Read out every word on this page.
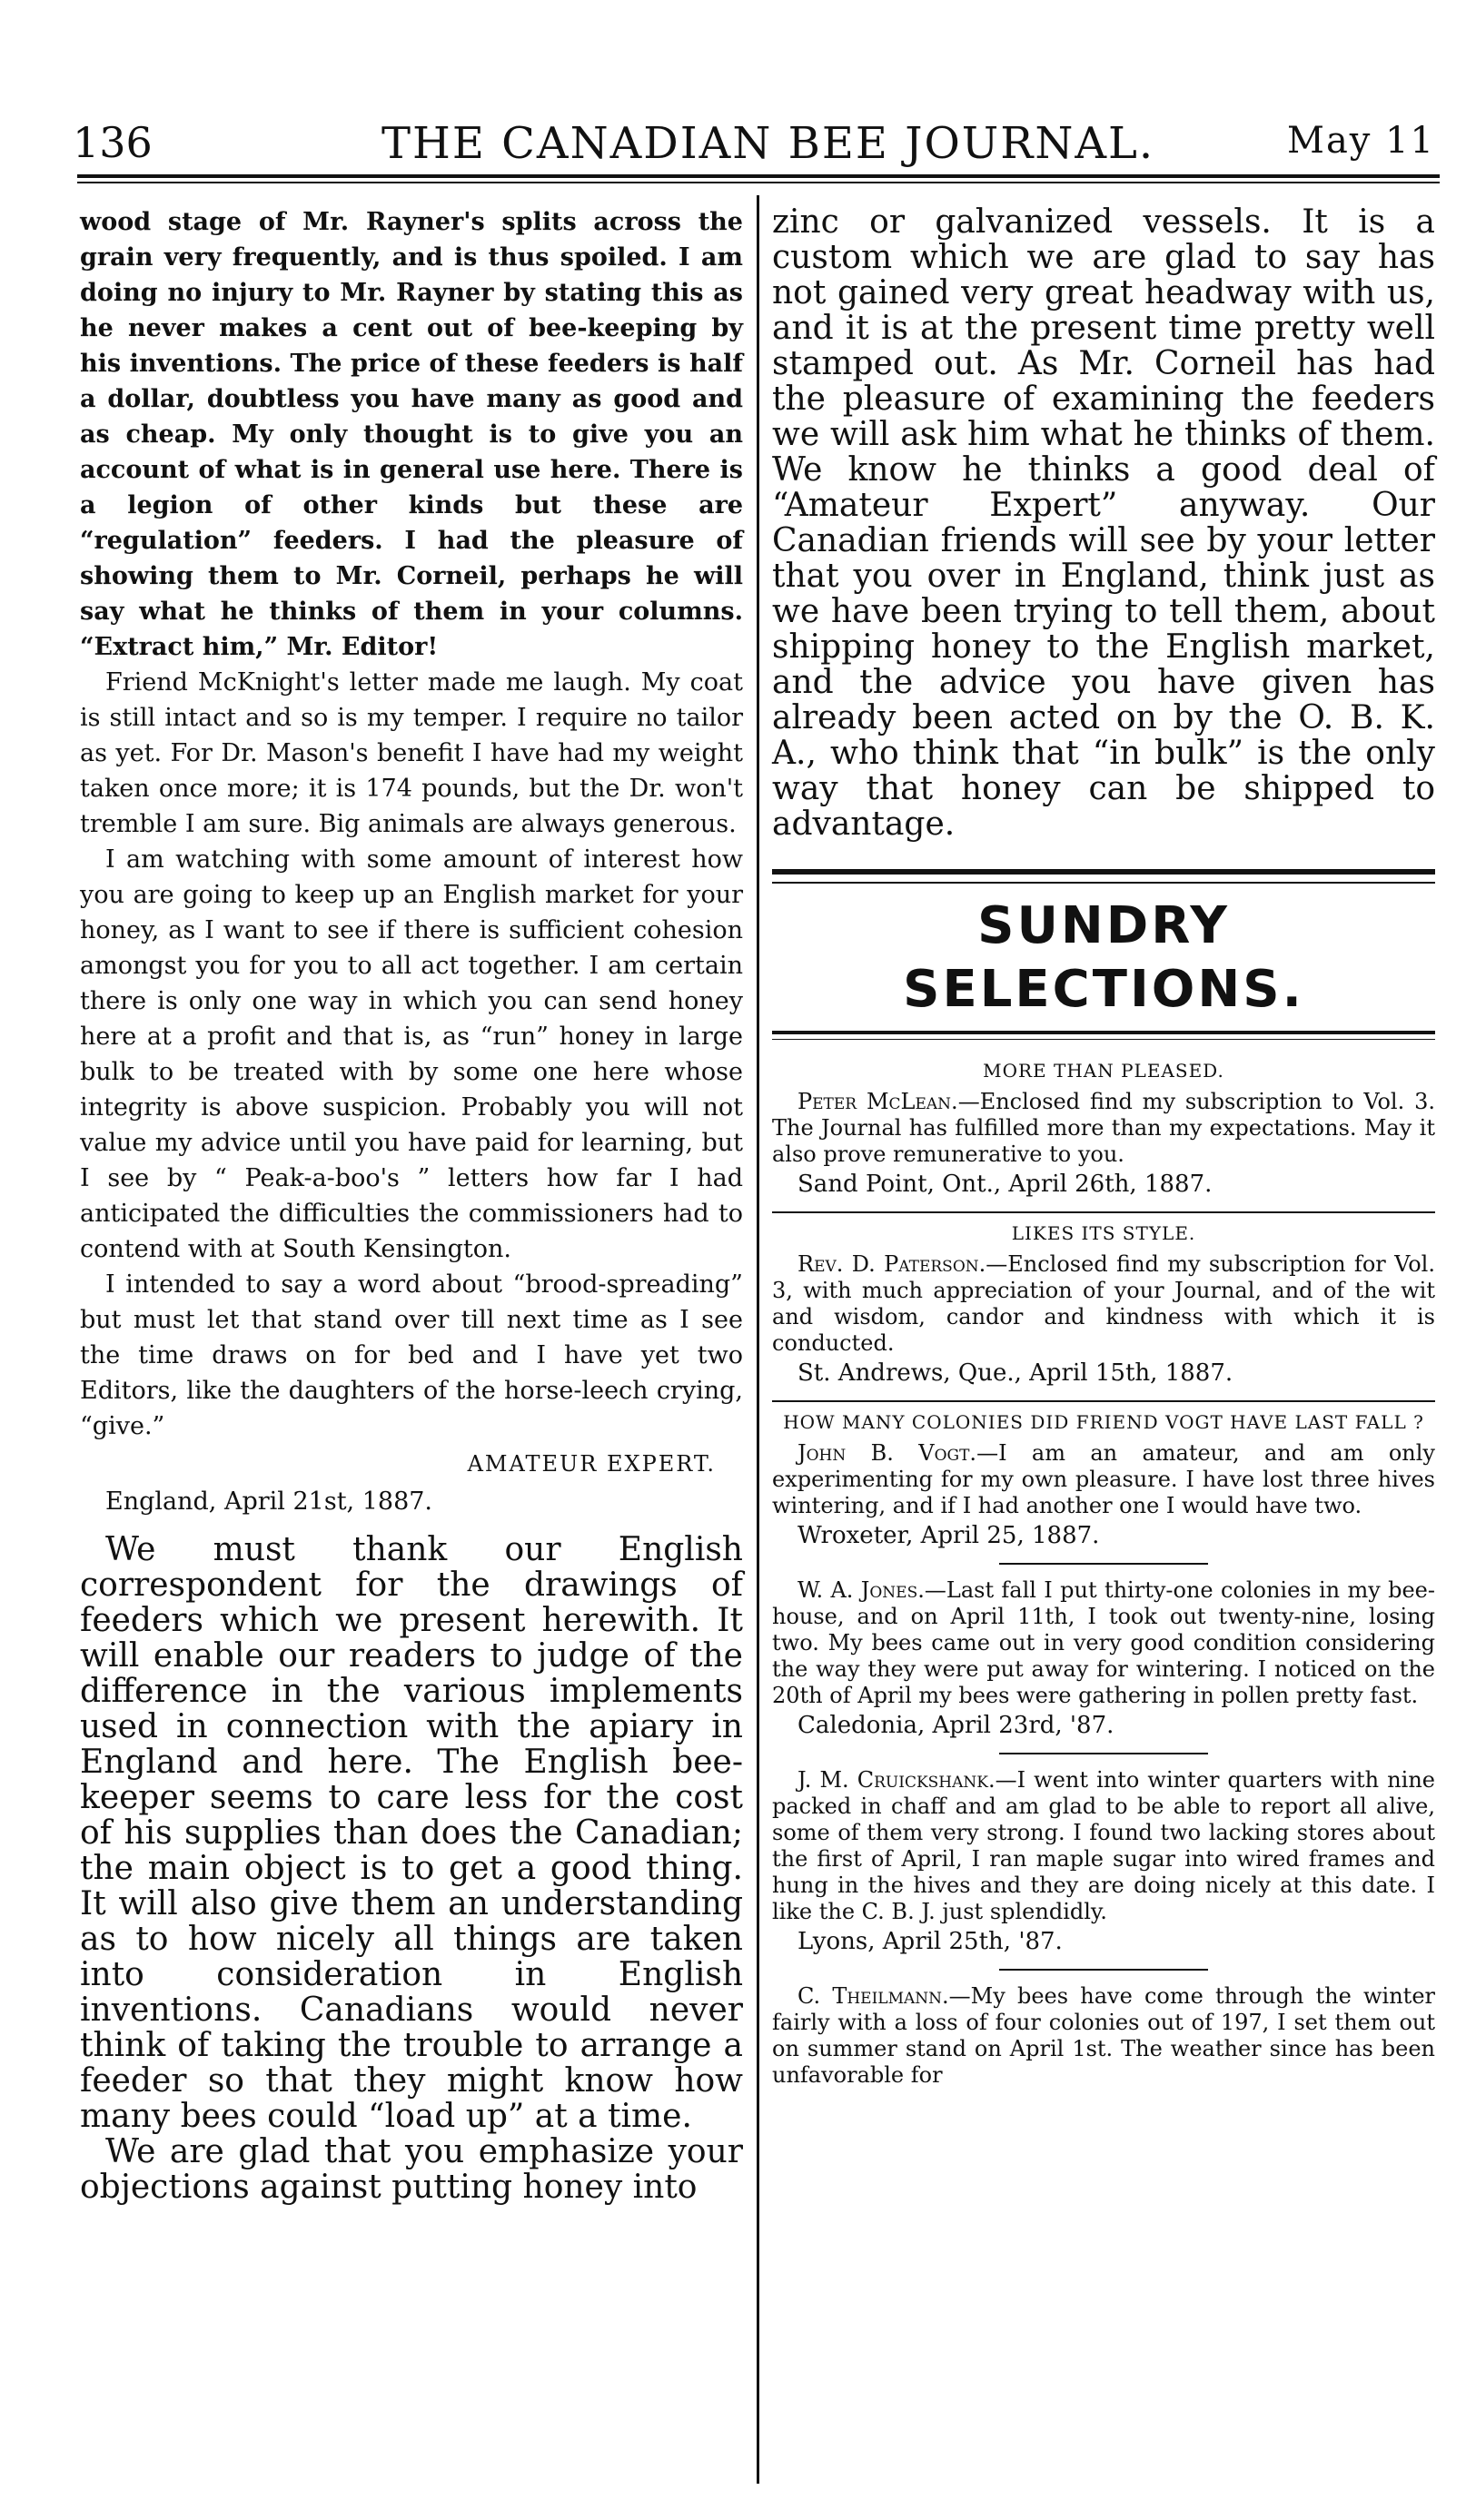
136	THE CANADIAN BEE JOURNAL.	May 11

wood stage of Mr. Rayner's splits across the grain very frequently, and is thus spoiled. I am doing no injury to Mr. Rayner by stating this as he never makes a cent out of bee-keeping by his inventions. The price of these feeders is half a dollar, doubtless you have many as good and as cheap. My only thought is to give you an account of what is in general use here. There is a legion of other kinds but these are “regulation” feeders. I had the pleasure of showing them to Mr. Corneil, perhaps he will say what he thinks of them in your columns. “Extract him,” Mr. Editor!

Friend McKnight's letter made me laugh. My coat is still intact and so is my temper. I require no tailor as yet. For Dr. Mason's benefit I have had my weight taken once more; it is 174 pounds, but the Dr. won't tremble I am sure. Big animals are always generous.

I am watching with some amount of interest how you are going to keep up an English market for your honey, as I want to see if there is sufficient cohesion amongst you for you to all act together. I am certain there is only one way in which you can send honey here at a profit and that is, as “run” honey in large bulk to be treated with by some one here whose integrity is above suspicion. Probably you will not value my advice until you have paid for learning, but I see by “ Peak-a-boo's ” letters how far I had anticipated the difficulties the commissioners had to contend with at South Kensington.

I intended to say a word about “brood-spreading” but must let that stand over till next time as I see the time draws on for bed and I have yet two Editors, like the daughters of the horse-leech crying, “give.”

AMATEUR EXPERT.

England, April 21st, 1887.

We must thank our English correspondent for the drawings of feeders which we present herewith. It will enable our readers to judge of the difference in the various implements used in connection with the apiary in England and here. The English bee-keeper seems to care less for the cost of his supplies than does the Canadian; the main object is to get a good thing. It will also give them an understanding as to how nicely all things are taken into consideration in English inventions. Canadians would never think of taking the trouble to arrange a feeder so that they might know how many bees could “load up” at a time.

We are glad that you emphasize your objections against putting honey into

zinc or galvanized vessels. It is a custom which we are glad to say has not gained very great headway with us, and it is at the present time pretty well stamped out. As Mr. Corneil has had the pleasure of examining the feeders we will ask him what he thinks of them. We know he thinks a good deal of “Amateur Expert” anyway. Our Canadian friends will see by your letter that you over in England, think just as we have been trying to tell them, about shipping honey to the English market, and the advice you have given has already been acted on by the O. B. K. A., who think that “in bulk” is the only way that honey can be shipped to advantage.

SUNDRY SELECTIONS.
MORE THAN PLEASED.

Peter McLean.—Enclosed find my subscription to Vol. 3. The Journal has fulfilled more than my expectations. May it also prove remunerative to you.

Sand Point, Ont., April 26th, 1887.

LIKES ITS STYLE.

Rev. D. Paterson.—Enclosed find my subscription for Vol. 3, with much appreciation of your Journal, and of the wit and wisdom, candor and kindness with which it is conducted.

St. Andrews, Que., April 15th, 1887.

HOW MANY COLONIES DID FRIEND VOGT HAVE LAST FALL ?

John B. Vogt.—I am an amateur, and am only experimenting for my own pleasure. I have lost three hives wintering, and if I had another one I would have two.

Wroxeter, April 25, 1887.

W. A. Jones.—Last fall I put thirty-one colonies in my bee-house, and on April 11th, I took out twenty-nine, losing two. My bees came out in very good condition considering the way they were put away for wintering. I noticed on the 20th of April my bees were gathering in pollen pretty fast.

Caledonia, April 23rd, '87.

J. M. Cruickshank.—I went into winter quarters with nine packed in chaff and am glad to be able to report all alive, some of them very strong. I found two lacking stores about the first of April, I ran maple sugar into wired frames and hung in the hives and they are doing nicely at this date. I like the C. B. J. just splendidly.

Lyons, April 25th, '87.

C. Theilmann.—My bees have come through the winter fairly with a loss of four colonies out of 197, I set them out on summer stand on April 1st. The weather since has been unfavorable for
